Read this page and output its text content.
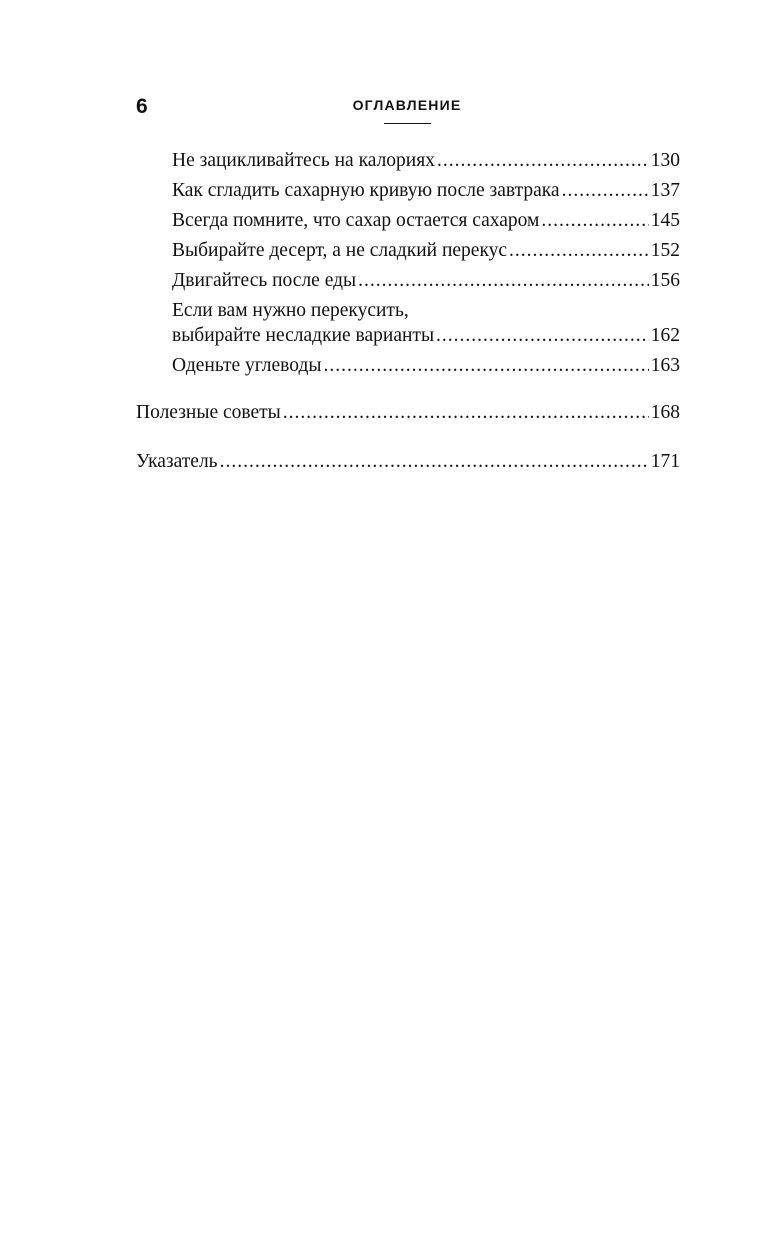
6	ОГЛАВЛЕНИЕ
Не зацикливайтесь на калориях .....	130
Как сгладить сахарную кривую после завтрака .....	137
Всегда помните, что сахар остается сахаром .....	145
Выбирайте десерт, а не сладкий перекус .....	152
Двигайтесь после еды .....	156
Если вам нужно перекусить,
выбирайте несладкие варианты .....	162
Оденьте углеводы .....	163
Полезные советы .....	168
Указатель .....	171
